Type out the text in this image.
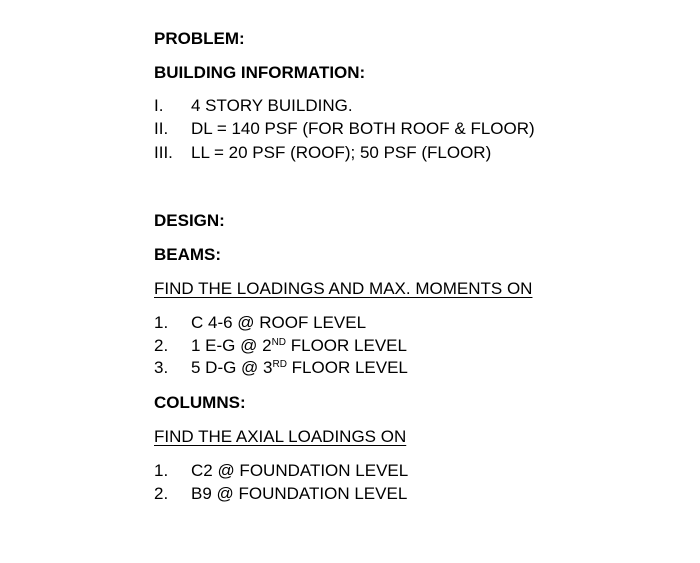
PROBLEM:
BUILDING INFORMATION:
I. 4 STORY BUILDING.
II. DL = 140 PSF (FOR BOTH ROOF & FLOOR)
III. LL = 20 PSF (ROOF); 50 PSF (FLOOR)
DESIGN:
BEAMS:
FIND THE LOADINGS AND MAX. MOMENTS ON
1. C 4-6 @ ROOF LEVEL
2. 1 E-G @ 2ND FLOOR LEVEL
3. 5 D-G @ 3RD FLOOR LEVEL
COLUMNS:
FIND THE AXIAL LOADINGS ON
1. C2 @ FOUNDATION LEVEL
2. B9 @ FOUNDATION LEVEL
